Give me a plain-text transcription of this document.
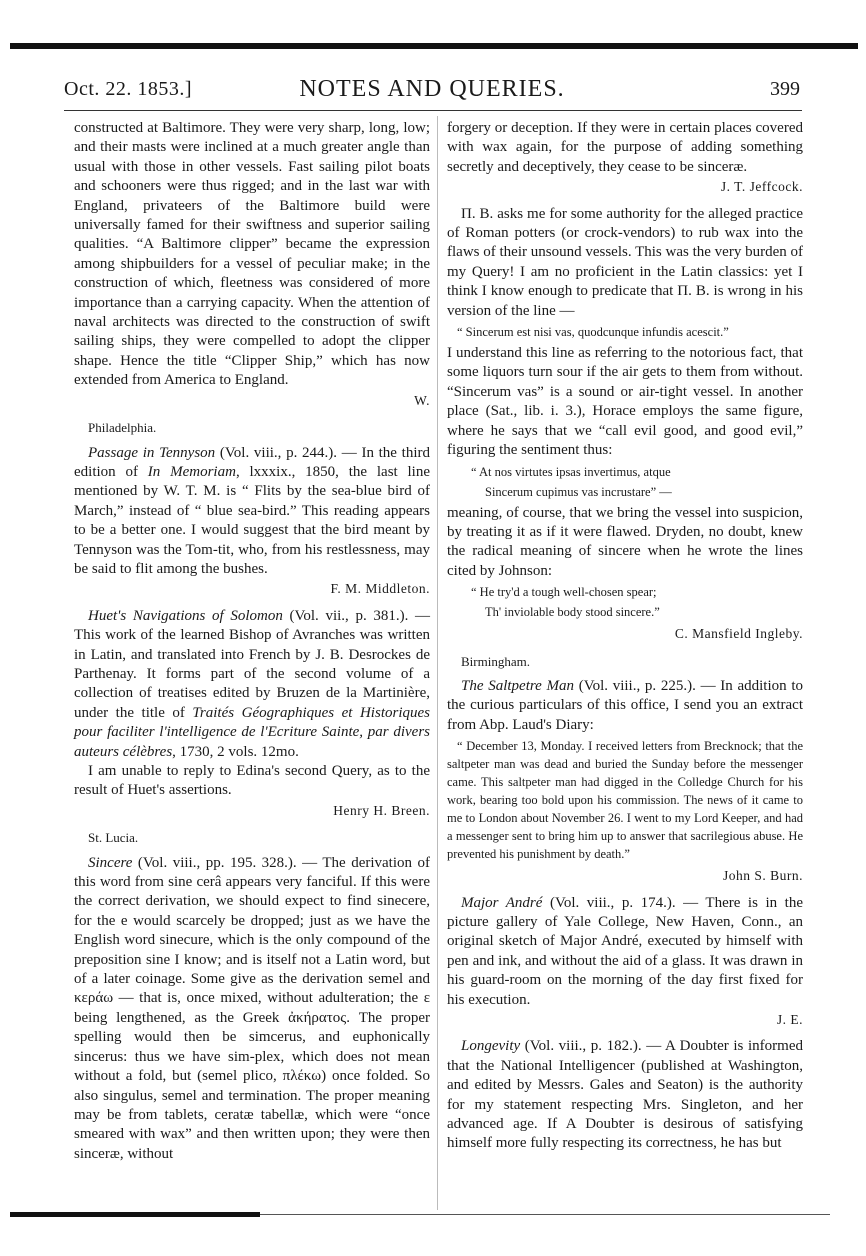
Oct. 22. 1853.]	NOTES AND QUERIES.	399

constructed at Baltimore. They were very sharp, long, low; and their masts were inclined at a much greater angle than usual with those in other vessels. Fast sailing pilot boats and schooners were thus rigged; and in the last war with England, privateers of the Baltimore build were universally famed for their swiftness and superior sailing qualities. “A Baltimore clipper” became the expression among shipbuilders for a vessel of peculiar make; in the construction of which, fleetness was considered of more importance than a carrying capacity. When the attention of naval architects was directed to the construction of swift sailing ships, they were compelled to adopt the clipper shape. Hence the title “Clipper Ship,” which has now extended from America to England.

W.

Philadelphia.

Passage in Tennyson (Vol. viii., p. 244.). — In the third edition of In Memoriam, lxxxix., 1850, the last line mentioned by W. T. M. is “ Flits by the sea-blue bird of March,” instead of “ blue sea-bird.” This reading appears to be a better one. I would suggest that the bird meant by Tennyson was the Tom-tit, who, from his restlessness, may be said to flit among the bushes.

F. M. Middleton.

Huet's Navigations of Solomon (Vol. vii., p. 381.). — This work of the learned Bishop of Avranches was written in Latin, and translated into French by J. B. Desrockes de Parthenay. It forms part of the second volume of a collection of treatises edited by Bruzen de la Martinière, under the title of Traités Géographiques et Historiques pour faciliter l'intelligence de l'Ecriture Sainte, par divers auteurs célèbres, 1730, 2 vols. 12mo.

I am unable to reply to Edina's second Query, as to the result of Huet's assertions.

Henry H. Breen.

St. Lucia.

Sincere (Vol. viii., pp. 195. 328.). — The derivation of this word from sine cerâ appears very fanciful. If this were the correct derivation, we should expect to find sinecere, for the e would scarcely be dropped; just as we have the English word sinecure, which is the only compound of the preposition sine I know; and is itself not a Latin word, but of a later coinage. Some give as the derivation semel and κεράω — that is, once mixed, without adulteration; the ε being lengthened, as the Greek ἀκήρατος. The proper spelling would then be simcerus, and euphonically sincerus: thus we have sim-plex, which does not mean without a fold, but (semel plico, πλέκω) once folded. So also singulus, semel and termination. The proper meaning may be from tablets, ceratæ tabellæ, which were “once smeared with wax” and then written upon; they were then sinceræ, without

forgery or deception. If they were in certain places covered with wax again, for the purpose of adding something secretly and deceptively, they cease to be sinceræ.

J. T. Jeffcock.

Π. B. asks me for some authority for the alleged practice of Roman potters (or crock-vendors) to rub wax into the flaws of their unsound vessels. This was the very burden of my Query! I am no proficient in the Latin classics: yet I think I know enough to predicate that Π. B. is wrong in his version of the line —

“ Sincerum est nisi vas, quodcunque infundis acescit.”

I understand this line as referring to the notorious fact, that some liquors turn sour if the air gets to them from without. “Sincerum vas” is a sound or air-tight vessel. In another place (Sat., lib. i. 3.), Horace employs the same figure, where he says that we “call evil good, and good evil,” figuring the sentiment thus:

“ At nos virtutes ipsas invertimus, atque
Sincerum cupimus vas incrustare” —

meaning, of course, that we bring the vessel into suspicion, by treating it as if it were flawed. Dryden, no doubt, knew the radical meaning of sincere when he wrote the lines cited by Johnson:

“ He try'd a tough well-chosen spear;
Th' inviolable body stood sincere.”

C. Mansfield Ingleby.

Birmingham.

The Saltpetre Man (Vol. viii., p. 225.). — In addition to the curious particulars of this office, I send you an extract from Abp. Laud's Diary:

“ December 13, Monday. I received letters from Brecknock; that the saltpeter man was dead and buried the Sunday before the messenger came. This saltpeter man had digged in the Colledge Church for his work, bearing too bold upon his commission. The news of it came to me to London about November 26. I went to my Lord Keeper, and had a messenger sent to bring him up to answer that sacrilegious abuse. He prevented his punishment by death.”

John S. Burn.

Major André (Vol. viii., p. 174.). — There is in the picture gallery of Yale College, New Haven, Conn., an original sketch of Major André, executed by himself with pen and ink, and without the aid of a glass. It was drawn in his guard-room on the morning of the day first fixed for his execution.

J. E.

Longevity (Vol. viii., p. 182.). — A Doubter is informed that the National Intelligencer (published at Washington, and edited by Messrs. Gales and Seaton) is the authority for my statement respecting Mrs. Singleton, and her advanced age. If A Doubter is desirous of satisfying himself more fully respecting its correctness, he has but
